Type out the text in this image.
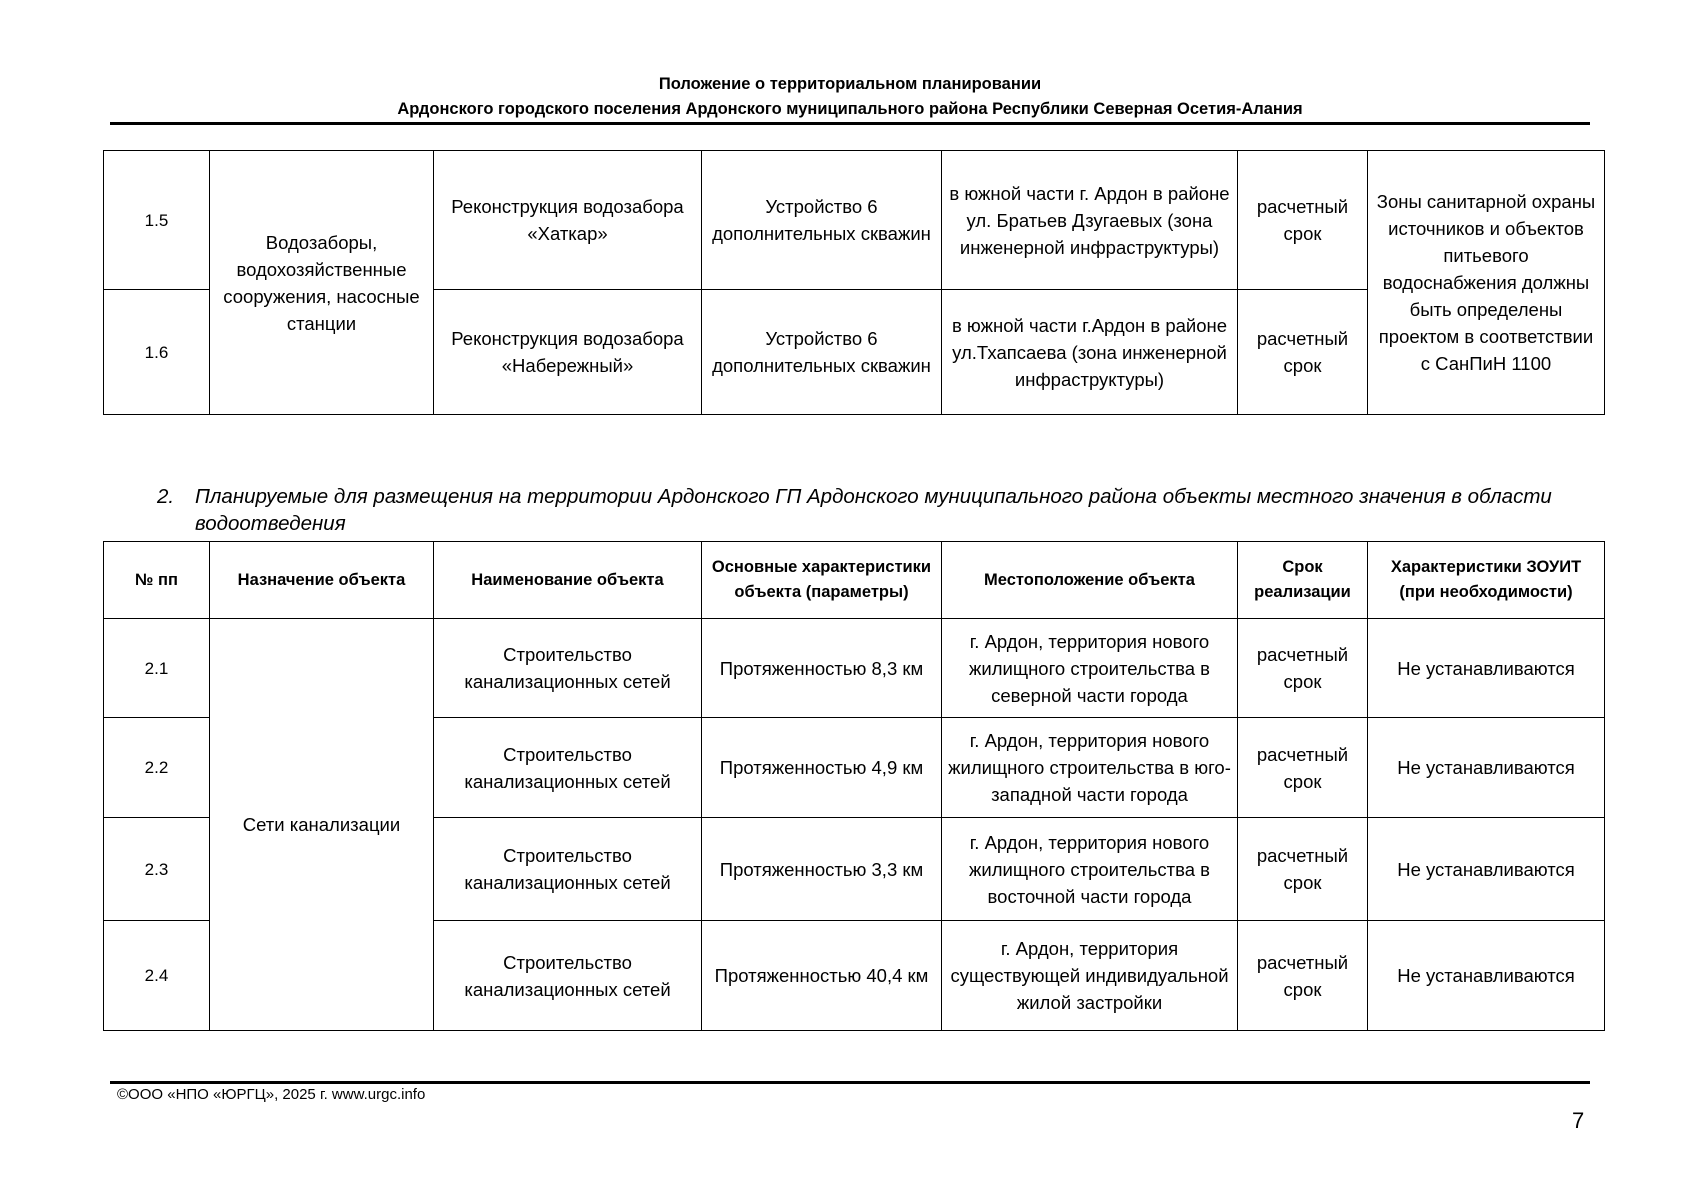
Положение о территориальном планировании
Ардонского городского поселения Ардонского муниципального района Республики Северная Осетия-Алания
1.5	Водозаборы, водохозяйственные сооружения, насосные станции	Реконструкция водозабора «Хаткар»	Устройство 6 дополнительных скважин	в южной части г. Ардон в районе ул. Братьев Дзугаевых (зона инженерной инфраструктуры)	расчетный срок	Зоны санитарной охраны источников и объектов питьевого водоснабжения должны быть определены проектом в соответствии с СанПиН 1100
1.6		Реконструкция водозабора «Набережный»	Устройство 6 дополнительных скважин	в южной части г.Ардон в районе ул.Тхапсаева (зона инженерной инфраструктуры)	расчетный срок	
2. Планируемые для размещения на территории Ардонского ГП Ардонского муниципального района объекты местного значения в области водоотведения
№ пп	Назначение объекта	Наименование объекта	Основные характеристики объекта (параметры)	Местоположение объекта	Срок реализации	Характеристики ЗОУИТ (при необходимости)
2.1	Сети канализации	Строительство канализационных сетей	Протяженностью 8,3 км	г. Ардон, территория нового жилищного строительства в северной части города	расчетный срок	Не устанавливаются
2.2		Строительство канализационных сетей	Протяженностью 4,9 км	г. Ардон, территория нового жилищного строительства в юго-западной части города	расчетный срок	Не устанавливаются
2.3		Строительство канализационных сетей	Протяженностью 3,3 км	г. Ардон, территория нового жилищного строительства в восточной части города	расчетный срок	Не устанавливаются
2.4		Строительство канализационных сетей	Протяженностью 40,4 км	г. Ардон, территория существующей индивидуальной жилой застройки	расчетный срок	Не устанавливаются
©ООО «НПО «ЮРГЦ», 2025 г. www.urgc.info
7
